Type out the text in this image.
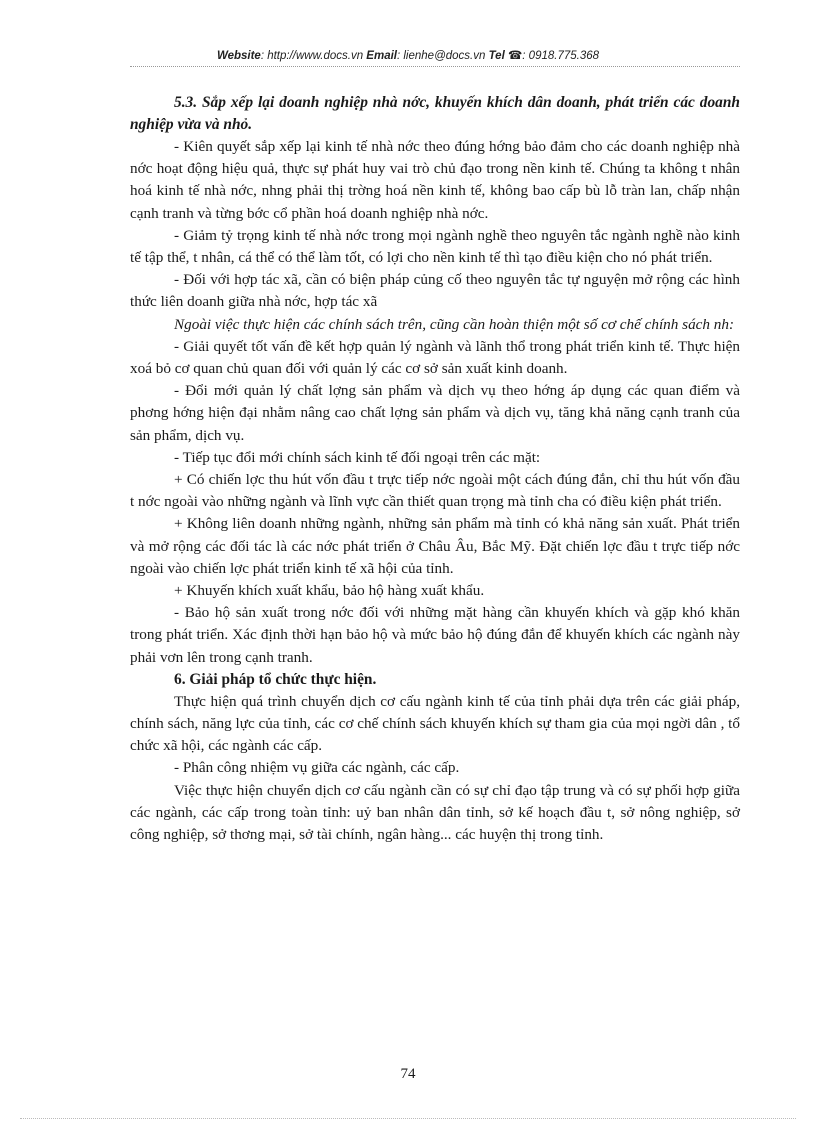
Website: http://www.docs.vn Email: lienhe@docs.vn Tel ☎: 0918.775.368

5.3. Sắp xếp lại doanh nghiệp nhà nớc, khuyến khích dân doanh, phát triển các doanh nghiệp vừa và nhỏ.

- Kiên quyết sắp xếp lại kinh tế nhà nớc theo đúng hớng bảo đảm cho các doanh nghiệp nhà nớc hoạt động hiệu quả, thực sự phát huy vai trò chủ đạo trong nền kinh tế. Chúng ta không t nhân hoá kinh tế nhà nớc, nhng phải thị trờng hoá nền kinh tế, không bao cấp bù lỗ tràn lan, chấp nhận cạnh tranh và từng bớc cổ phần hoá doanh nghiệp nhà nớc.

- Giảm tỷ trọng kinh tế nhà nớc trong mọi ngành nghề theo nguyên tắc ngành nghề nào kinh tế tập thể, t nhân, cá thể có thể làm tốt, có lợi cho nền kinh tế thì tạo điều kiện cho nó phát triển.

- Đối với hợp tác xã, cần có biện pháp củng cố theo nguyên tắc tự nguyện mở rộng các hình thức liên doanh giữa nhà nớc, hợp tác xã

Ngoài việc thực hiện các chính sách trên, cũng cần hoàn thiện một số cơ chế chính sách nh:

- Giải quyết tốt vấn đề kết hợp quản lý ngành và lãnh thổ trong phát triển kinh tế. Thực hiện xoá bỏ cơ quan chủ quan đối với quản lý các cơ sở sản xuất kinh doanh.

- Đổi mới quản lý chất lợng sản phẩm và dịch vụ theo hớng áp dụng các quan điểm và phơng hớng hiện đại nhằm nâng cao chất lợng sản phẩm và dịch vụ, tăng khả năng cạnh tranh của sản phẩm, dịch vụ.

- Tiếp tục đổi mới chính sách kinh tế đối ngoại trên các mặt:

+ Có chiến lợc thu hút vốn đầu t trực tiếp nớc ngoài một cách đúng đắn, chỉ thu hút vốn đầu t nớc ngoài vào những ngành và lĩnh vực cần thiết quan trọng mà tỉnh cha có điều kiện phát triển.

+ Không liên doanh những ngành, những sản phẩm mà tỉnh có khả năng sản xuất. Phát triển và mở rộng các đối tác là các nớc phát triển ở Châu Âu, Bắc Mỹ. Đặt chiến lợc đầu t trực tiếp nớc ngoài vào chiến lợc phát triển kinh tế xã hội của tỉnh.

+ Khuyến khích xuất khẩu, bảo hộ hàng xuất khẩu.

- Bảo hộ sản xuất trong nớc đối với những mặt hàng cần khuyến khích và gặp khó khăn trong phát triển. Xác định thời hạn bảo hộ và mức bảo hộ đúng đắn để khuyến khích các ngành này phải vơn lên trong cạnh tranh.

6. Giải pháp tổ chức thực hiện.

Thực hiện quá trình chuyển dịch cơ cấu ngành kinh tế của tỉnh phải dựa trên các giải pháp, chính sách, năng lực của tỉnh, các cơ chế chính sách khuyến khích sự tham gia của mọi ngời dân , tổ chức xã hội, các ngành các cấp.

- Phân công nhiệm vụ giữa các ngành, các cấp.

Việc thực hiện chuyển dịch cơ cấu ngành cần có sự chỉ đạo tập trung và có sự phối hợp giữa các ngành, các cấp trong toàn tỉnh: uỷ ban nhân dân tỉnh, sở kế hoạch đầu t, sở nông nghiệp, sở công nghiệp, sở thơng mại, sở tài chính, ngân hàng... các huyện thị trong tỉnh.

74
